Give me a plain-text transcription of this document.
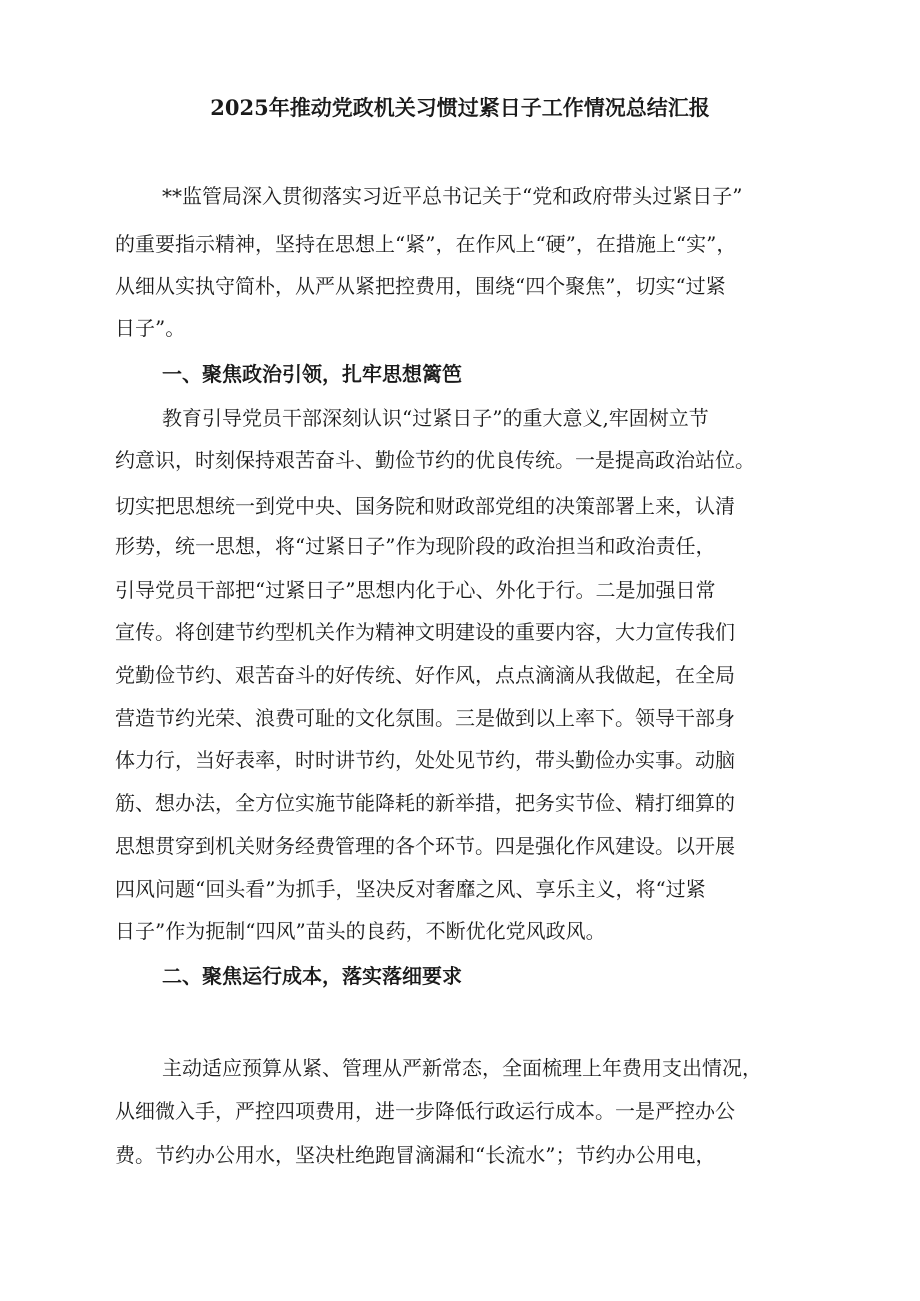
2025年推动党政机关习惯过紧日子工作情况总结汇报

**监管局深入贯彻落实习近平总书记关于“党和政府带头过紧日子”

的重要指示精神，坚持在思想上“紧”，在作风上“硬”，在措施上“实”，

从细从实执守简朴，从严从紧把控费用，围绕“四个聚焦”，切实“过紧

日子”。

一、聚焦政治引领，扎牢思想篱笆

教育引导党员干部深刻认识“过紧日子”的重大意义,牢固树立节

约意识，时刻保持艰苦奋斗、勤俭节约的优良传统。一是提高政治站位。

切实把思想统一到党中央、国务院和财政部党组的决策部署上来，认清

形势，统一思想，将“过紧日子”作为现阶段的政治担当和政治责任，

引导党员干部把“过紧日子”思想内化于心、外化于行。二是加强日常

宣传。将创建节约型机关作为精神文明建设的重要内容，大力宣传我们

党勤俭节约、艰苦奋斗的好传统、好作风，点点滴滴从我做起，在全局

营造节约光荣、浪费可耻的文化氛围。三是做到以上率下。领导干部身

体力行，当好表率，时时讲节约，处处见节约，带头勤俭办实事。动脑

筋、想办法，全方位实施节能降耗的新举措，把务实节俭、精打细算的

思想贯穿到机关财务经费管理的各个环节。四是强化作风建设。以开展

四风问题“回头看”为抓手，坚决反对奢靡之风、享乐主义，将“过紧

日子”作为扼制“四风”苗头的良药，不断优化党风政风。

二、聚焦运行成本，落实落细要求

主动适应预算从紧、管理从严新常态，全面梳理上年费用支出情况，

从细微入手，严控四项费用，进一步降低行政运行成本。一是严控办公

费。节约办公用水，坚决杜绝跑冒滴漏和“长流水”；节约办公用电，
